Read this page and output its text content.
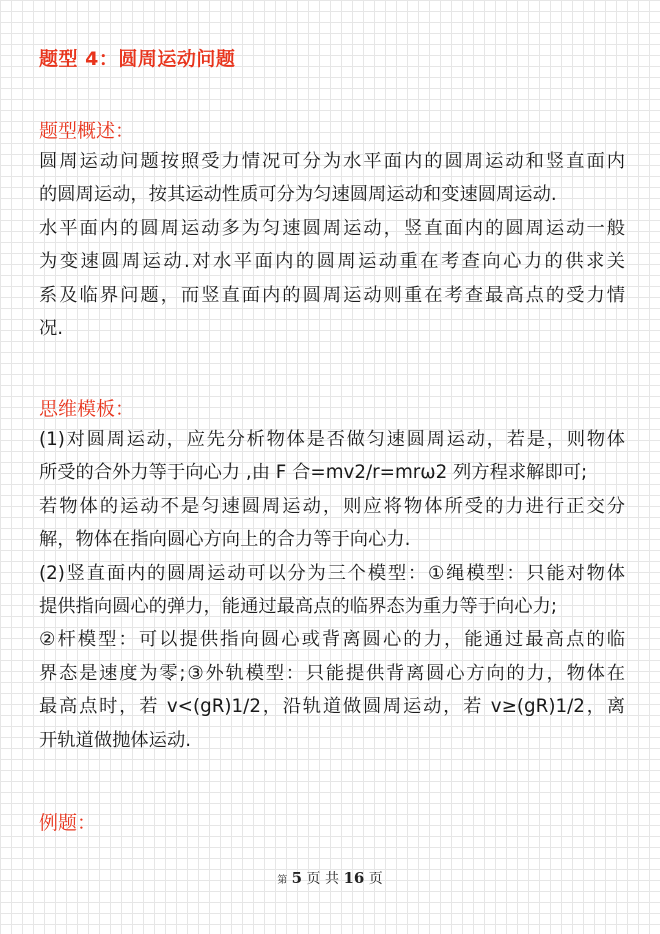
题型 4：圆周运动问题
题型概述：
圆周运动问题按照受力情况可分为水平面内的圆周运动和竖直面内
的圆周运动，按其运动性质可分为匀速圆周运动和变速圆周运动.
水平面内的圆周运动多为匀速圆周运动，竖直面内的圆周运动一般
为变速圆周运动.对水平面内的圆周运动重在考查向心力的供求关
系及临界问题，而竖直面内的圆周运动则重在考查最高点的受力情
况.
思维模板：
(1)对圆周运动，应先分析物体是否做匀速圆周运动，若是，则物体
所受的合外力等于向心力 ,由 F 合=mv2/r=mrω2 列方程求解即可;
若物体的运动不是匀速圆周运动，则应将物体所受的力进行正交分
解，物体在指向圆心方向上的合力等于向心力.
(2)竖直面内的圆周运动可以分为三个模型：①绳模型：只能对物体
提供指向圆心的弹力，能通过最高点的临界态为重力等于向心力;
②杆模型：可以提供指向圆心或背离圆心的力，能通过最高点的临
界态是速度为零;③外轨模型：只能提供背离圆心方向的力，物体在
最高点时，若 v<(gR)1/2，沿轨道做圆周运动，若 v≥(gR)1/2，离
开轨道做抛体运动.
例题：
第 5 页 共 16 页
